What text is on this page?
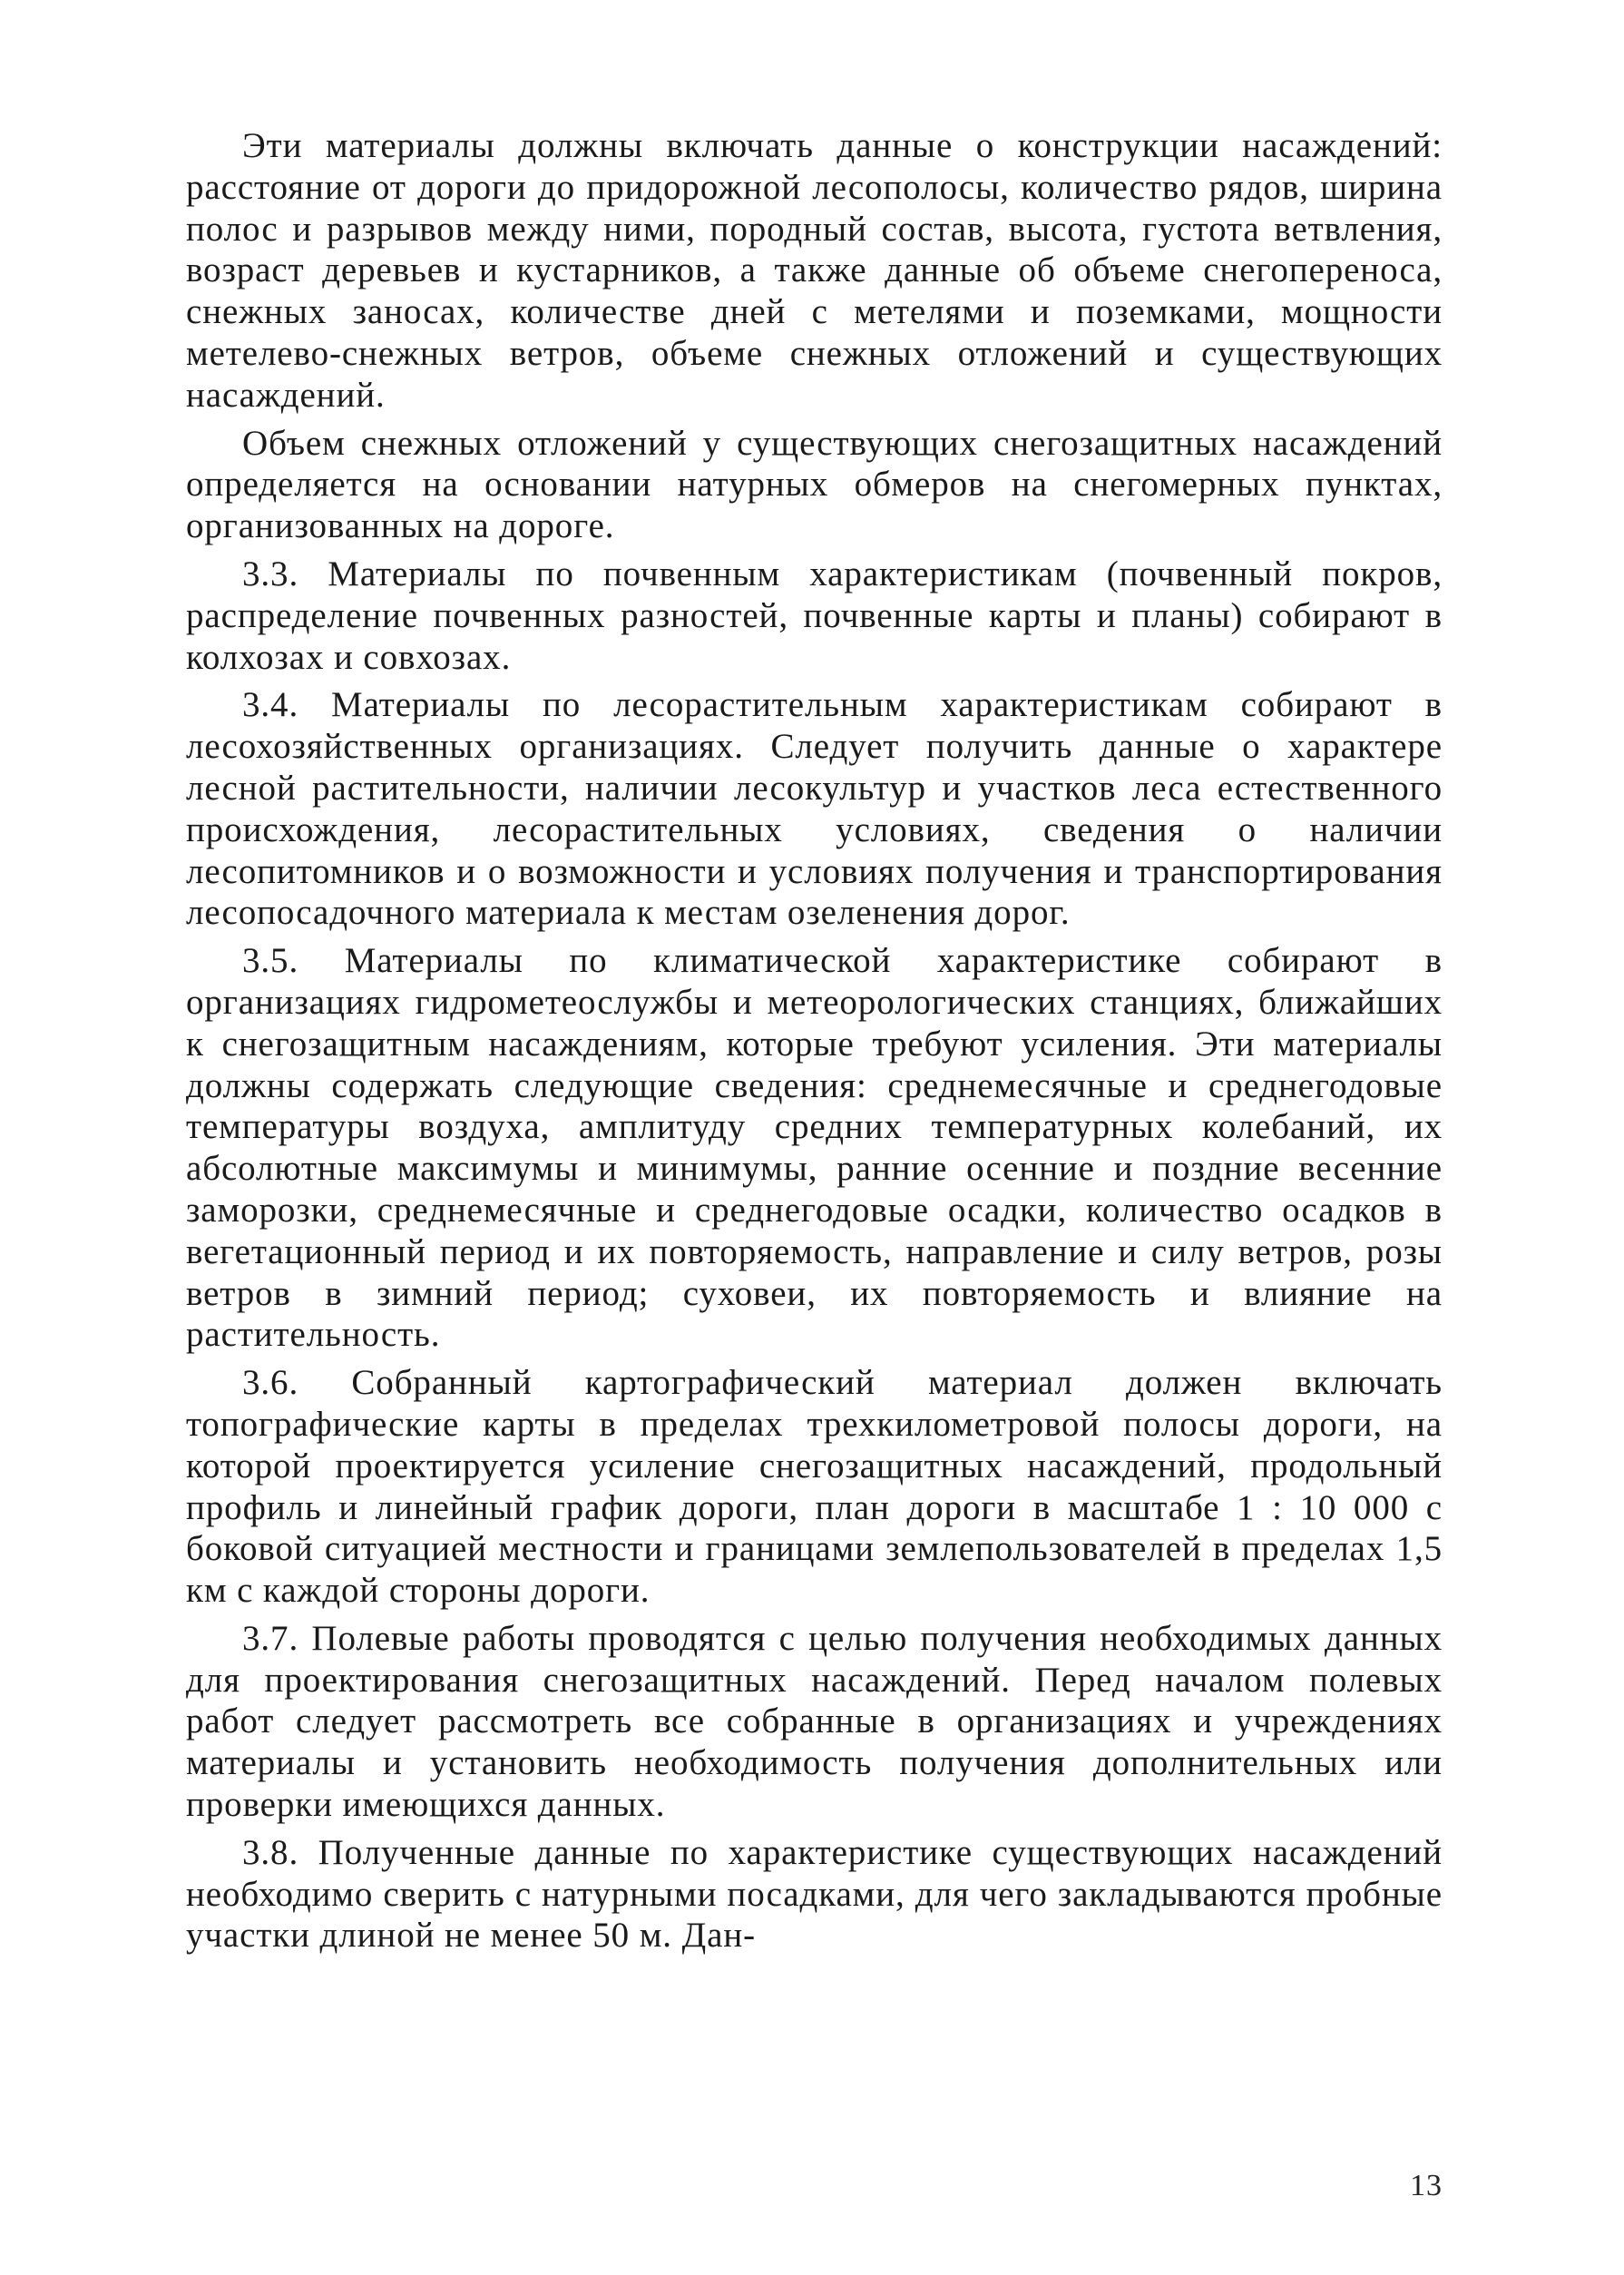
Эти материалы должны включать данные о конструкции насаждений: расстояние от дороги до придорожной лесополосы, количество рядов, ширина полос и разрывов между ними, породный состав, высота, густота ветвления, возраст деревьев и кустарников, а также данные об объеме снегопереноса, снежных заносах, количестве дней с метелями и поземками, мощности метелево-снежных ветров, объеме снежных отложений и существующих насаждений.

Объем снежных отложений у существующих снегозащитных насаждений определяется на основании натурных обмеров на снегомерных пунктах, организованных на дороге.

3.3. Материалы по почвенным характеристикам (почвенный покров, распределение почвенных разностей, почвенные карты и планы) собирают в колхозах и совхозах.

3.4. Материалы по лесорастительным характеристикам собирают в лесохозяйственных организациях. Следует получить данные о характере лесной растительности, наличии лесокультур и участков леса естественного происхождения, лесорастительных условиях, сведения о наличии лесопитомников и о возможности и условиях получения и транспортирования лесопосадочного материала к местам озеленения дорог.

3.5. Материалы по климатической характеристике собирают в организациях гидрометеослужбы и метеорологических станциях, ближайших к снегозащитным насаждениям, которые требуют усиления. Эти материалы должны содержать следующие сведения: среднемесячные и среднегодовые температуры воздуха, амплитуду средних температурных колебаний, их абсолютные максимумы и минимумы, ранние осенние и поздние весенние заморозки, среднемесячные и среднегодовые осадки, количество осадков в вегетационный период и их повторяемость, направление и силу ветров, розы ветров в зимний период; суховеи, их повторяемость и влияние на растительность.

3.6. Собранный картографический материал должен включать топографические карты в пределах трехкилометровой полосы дороги, на которой проектируется усиление снегозащитных насаждений, продольный профиль и линейный график дороги, план дороги в масштабе 1 : 10 000 с боковой ситуацией местности и границами землепользователей в пределах 1,5 км с каждой стороны дороги.

3.7. Полевые работы проводятся с целью получения необходимых данных для проектирования снегозащитных насаждений. Перед началом полевых работ следует рассмотреть все собранные в организациях и учреждениях материалы и установить необходимость получения дополнительных или проверки имеющихся данных.

3.8. Полученные данные по характеристике существующих насаждений необходимо сверить с натурными посадками, для чего закладываются пробные участки длиной не менее 50 м. Дан-

13
